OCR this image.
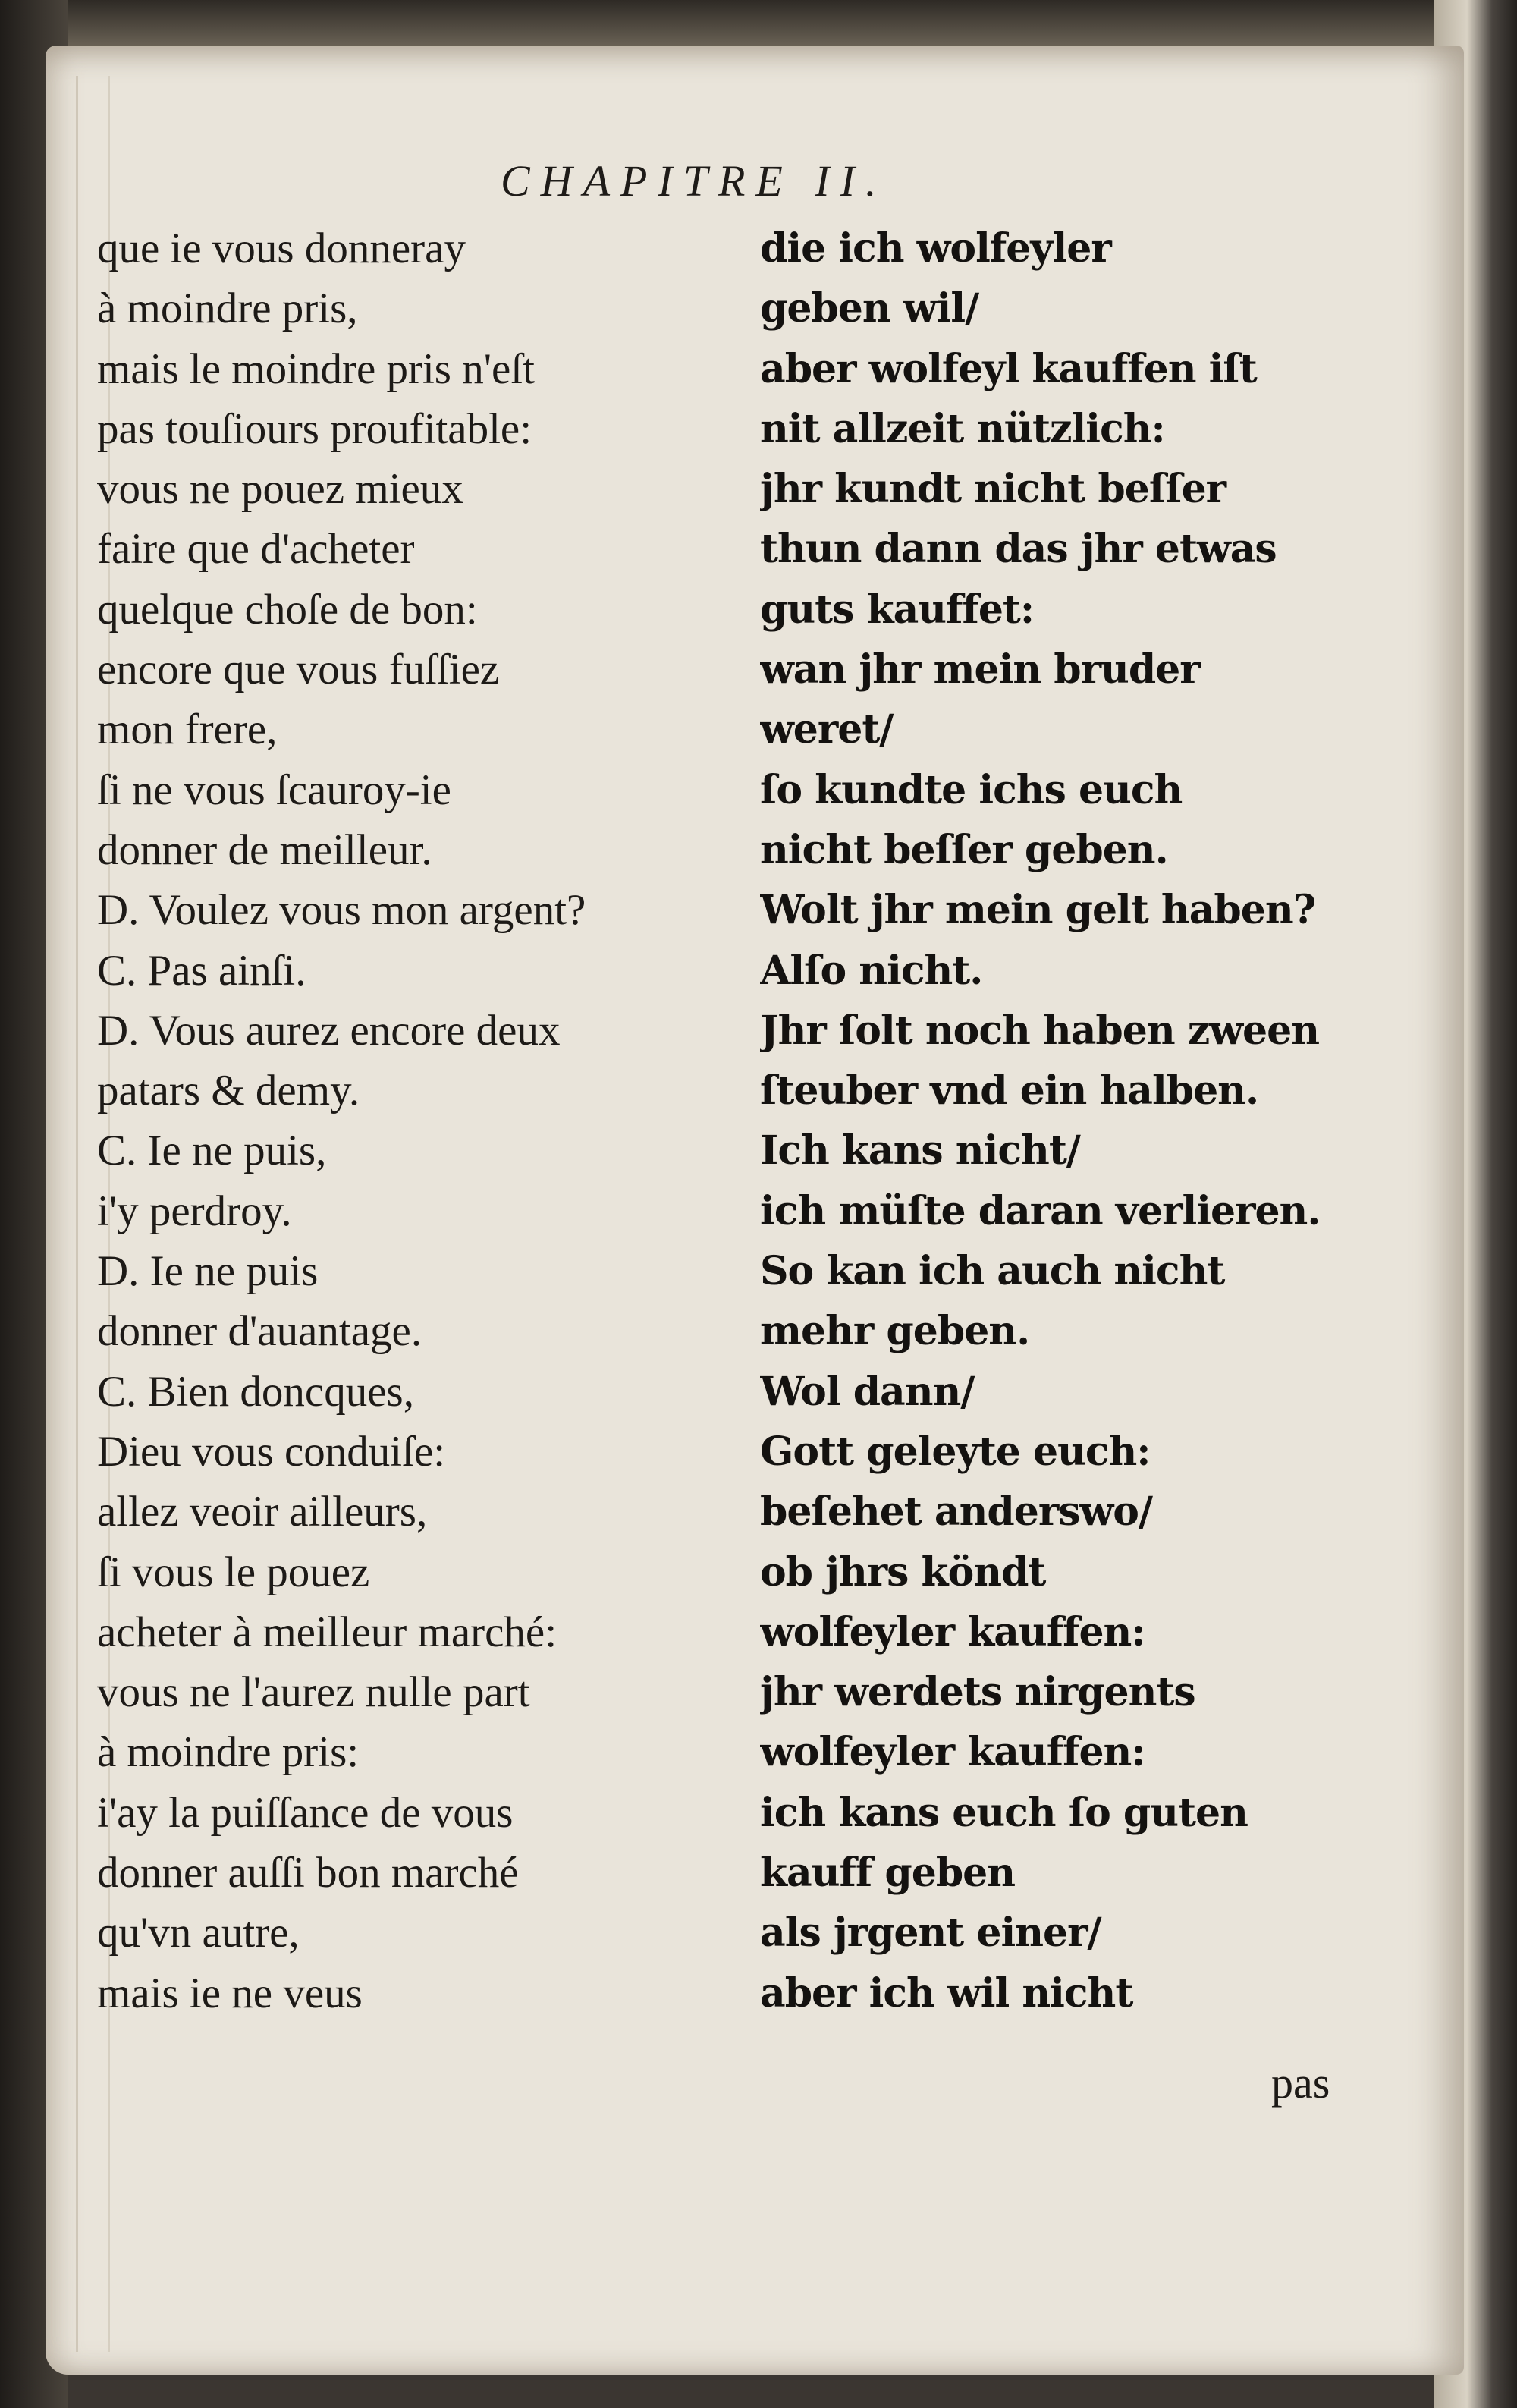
CHAPITRE II.
que ie vous donneray
à moindre pris,
mais le moindre pris n'eſt
pas touſiours proufitable:
vous ne pouez mieux
faire que d'acheter
quelque choſe de bon:
encore que vous fuſſiez
mon frere,
ſi ne vous ſcauroy-ie
donner de meilleur.
D. Voulez vous mon argent?
C. Pas ainſi.
D. Vous aurez encore deux
patars & demy.
C. Ie ne puis,
i'y perdroy.
D. Ie ne puis
donner d'auantage.
C. Bien doncques,
Dieu vous conduiſe:
allez veoir ailleurs,
ſi vous le pouez
acheter à meilleur marché:
vous ne l'aurez nulle part
à moindre pris:
i'ay la puiſſance de vous
donner auſſi bon marché
qu'vn autre,
mais ie ne veus
die ich wolfeyler
geben wil/
aber wolfeyl kauffen iſt
nit allzeit nützlich:
jhr kundt nicht beſſer
thun dann das jhr etwas
guts kauffet:
wan jhr mein bruder
weret/
ſo kundte ichs euch
nicht beſſer geben.
Wolt jhr mein gelt haben?
Alſo nicht.
Jhr ſolt noch haben zween
ſteuber vnd ein halben.
Ich kans nicht/
ich müſte daran verlieren.
So kan ich auch nicht
mehr geben.
Wol dann/
Gott geleyte euch:
beſehet anderswo/
ob jhrs köndt
wolfeyler kauffen:
jhr werdets nirgents
wolfeyler kauffen:
ich kans euch ſo guten
kauff geben
als jrgent einer/
aber ich wil nicht
pas
